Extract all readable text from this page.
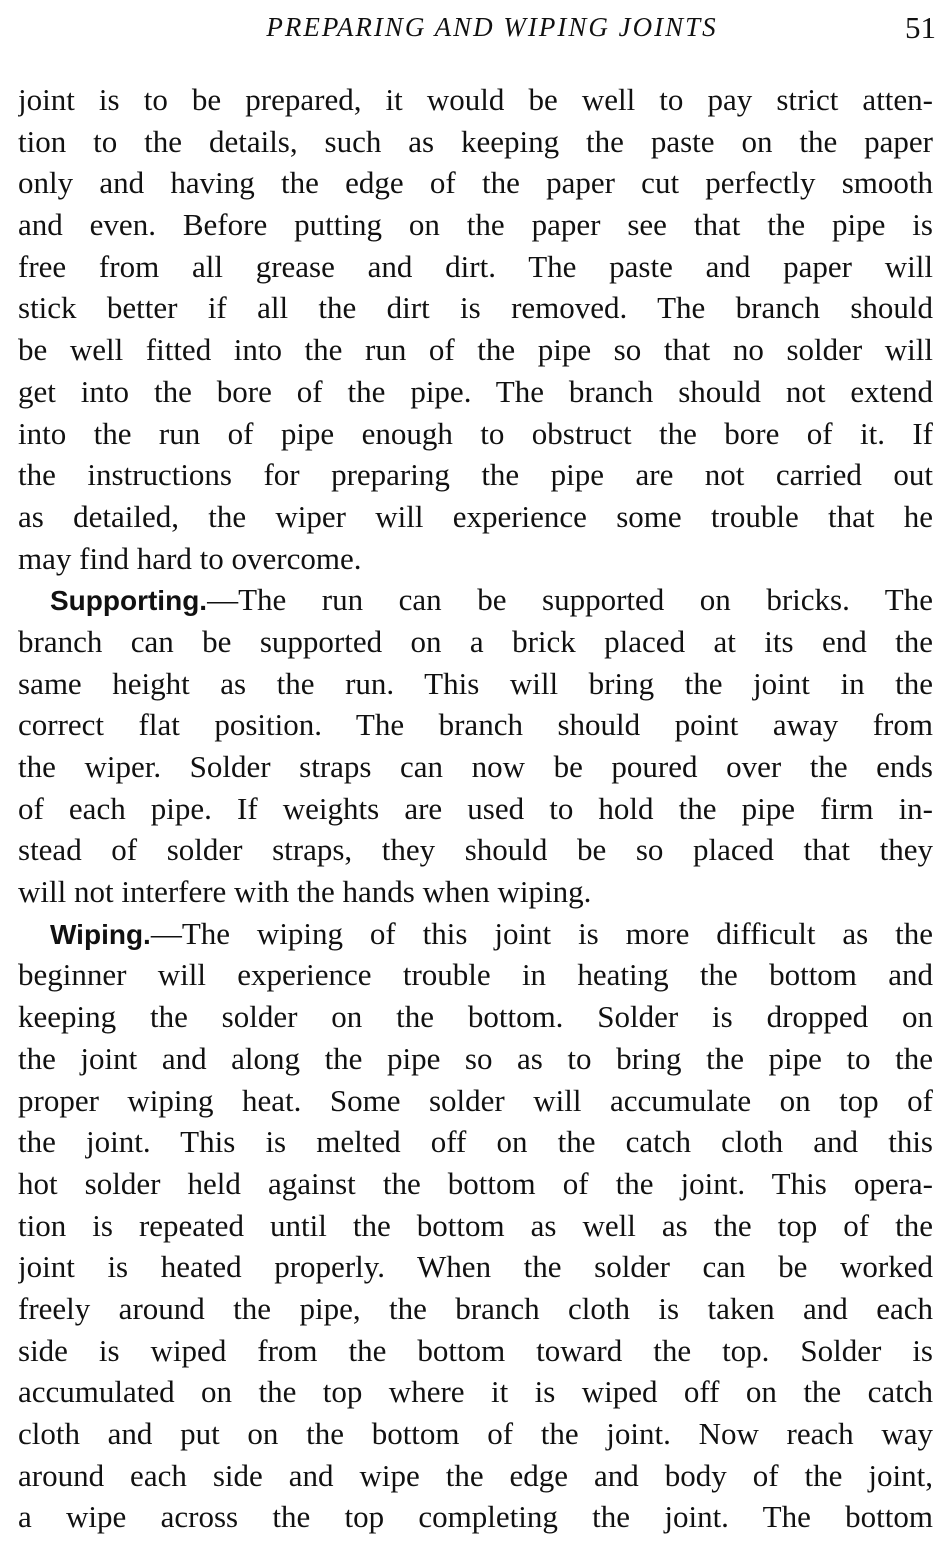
PREPARING AND WIPING JOINTS	51
joint is to be prepared, it would be well to pay strict atten-
tion to the details, such as keeping the paste on the paper
only and having the edge of the paper cut perfectly smooth
and even. Before putting on the paper see that the pipe is
free from all grease and dirt. The paste and paper will
stick better if all the dirt is removed. The branch should
be well fitted into the run of the pipe so that no solder will
get into the bore of the pipe. The branch should not extend
into the run of pipe enough to obstruct the bore of it. If
the instructions for preparing the pipe are not carried out
as detailed, the wiper will experience some trouble that he
may find hard to overcome.
Supporting.—The run can be supported on bricks. The
branch can be supported on a brick placed at its end the
same height as the run. This will bring the joint in the
correct flat position. The branch should point away from
the wiper. Solder straps can now be poured over the ends
of each pipe. If weights are used to hold the pipe firm in-
stead of solder straps, they should be so placed that they
will not interfere with the hands when wiping.
Wiping.—The wiping of this joint is more difficult as the
beginner will experience trouble in heating the bottom and
keeping the solder on the bottom. Solder is dropped on
the joint and along the pipe so as to bring the pipe to the
proper wiping heat. Some solder will accumulate on top of
the joint. This is melted off on the catch cloth and this
hot solder held against the bottom of the joint. This opera-
tion is repeated until the bottom as well as the top of the
joint is heated properly. When the solder can be worked
freely around the pipe, the branch cloth is taken and each
side is wiped from the bottom toward the top. Solder is
accumulated on the top where it is wiped off on the catch
cloth and put on the bottom of the joint. Now reach way
around each side and wipe the edge and body of the joint,
a wipe across the top completing the joint. The bottom
